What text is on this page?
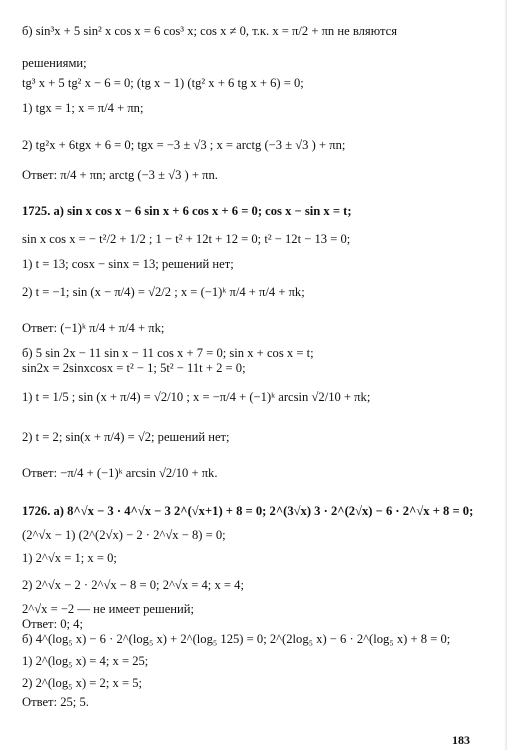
б) sin³x + 5 sin² x cos x = 6 cos³ x; cos x ≠ 0, т.к. x = π/2 + πn не вляются
решениями;
tg³ x + 5 tg² x − 6 = 0; (tg x − 1) (tg² x + 6 tg x + 6) = 0;
1) tgx = 1; x = π/4 + πn;
2) tg²x + 6tgx + 6 = 0; tgx = −3 ± √3 ; x = arctg (−3 ± √3 ) + πn;
Ответ: π/4 + πn; arctg (−3 ± √3 ) + πn.
1725. а) sin x cos x − 6 sin x + 6 cos x + 6 = 0; cos x − sin x = t;
sin x cos x = − t²/2 + 1/2 ; 1 − t² + 12t + 12 = 0; t² − 12t − 13 = 0;
1) t = 13; cosx − sinx = 13; решений нет;
2) t = −1; sin (x − π/4) = √2/2 ; x = (−1)ᵏ π/4 + π/4 + πk;
Ответ: (−1)ᵏ π/4 + π/4 + πk;
б) 5 sin 2x − 11 sin x − 11 cos x + 7 = 0; sin x + cos x = t;
sin2x = 2sinxcosx = t² − 1; 5t² − 11t + 2 = 0;
1) t = 1/5 ; sin (x + π/4) = √2/10 ; x = −π/4 + (−1)ᵏ arcsin √2/10 + πk;
2) t = 2; sin(x + π/4) = √2; решений нет;
Ответ: −π/4 + (−1)ᵏ arcsin √2/10 + πk.
1726. а) 8^√x − 3 · 4^√x − 3 2^(√x+1) + 8 = 0; 2^(3√x) 3 · 2^(2√x) − 6 · 2^√x + 8 = 0;
(2^√x − 1) (2^(2√x) − 2 · 2^√x − 8) = 0;
1) 2^√x = 1; x = 0;
2) 2^√x − 2 · 2^√x − 8 = 0; 2^√x = 4; x = 4;
2^√x = −2 — не имеет решений;
Ответ: 0; 4;
б) 4^(log₅ x) − 6 · 2^(log₅ x) + 2^(log₅ 125) = 0; 2^(2log₅ x) − 6 · 2^(log₅ x) + 8 = 0;
1) 2^(log₅ x) = 4; x = 25;
2) 2^(log₅ x) = 2; x = 5;
Ответ: 25; 5.
183
